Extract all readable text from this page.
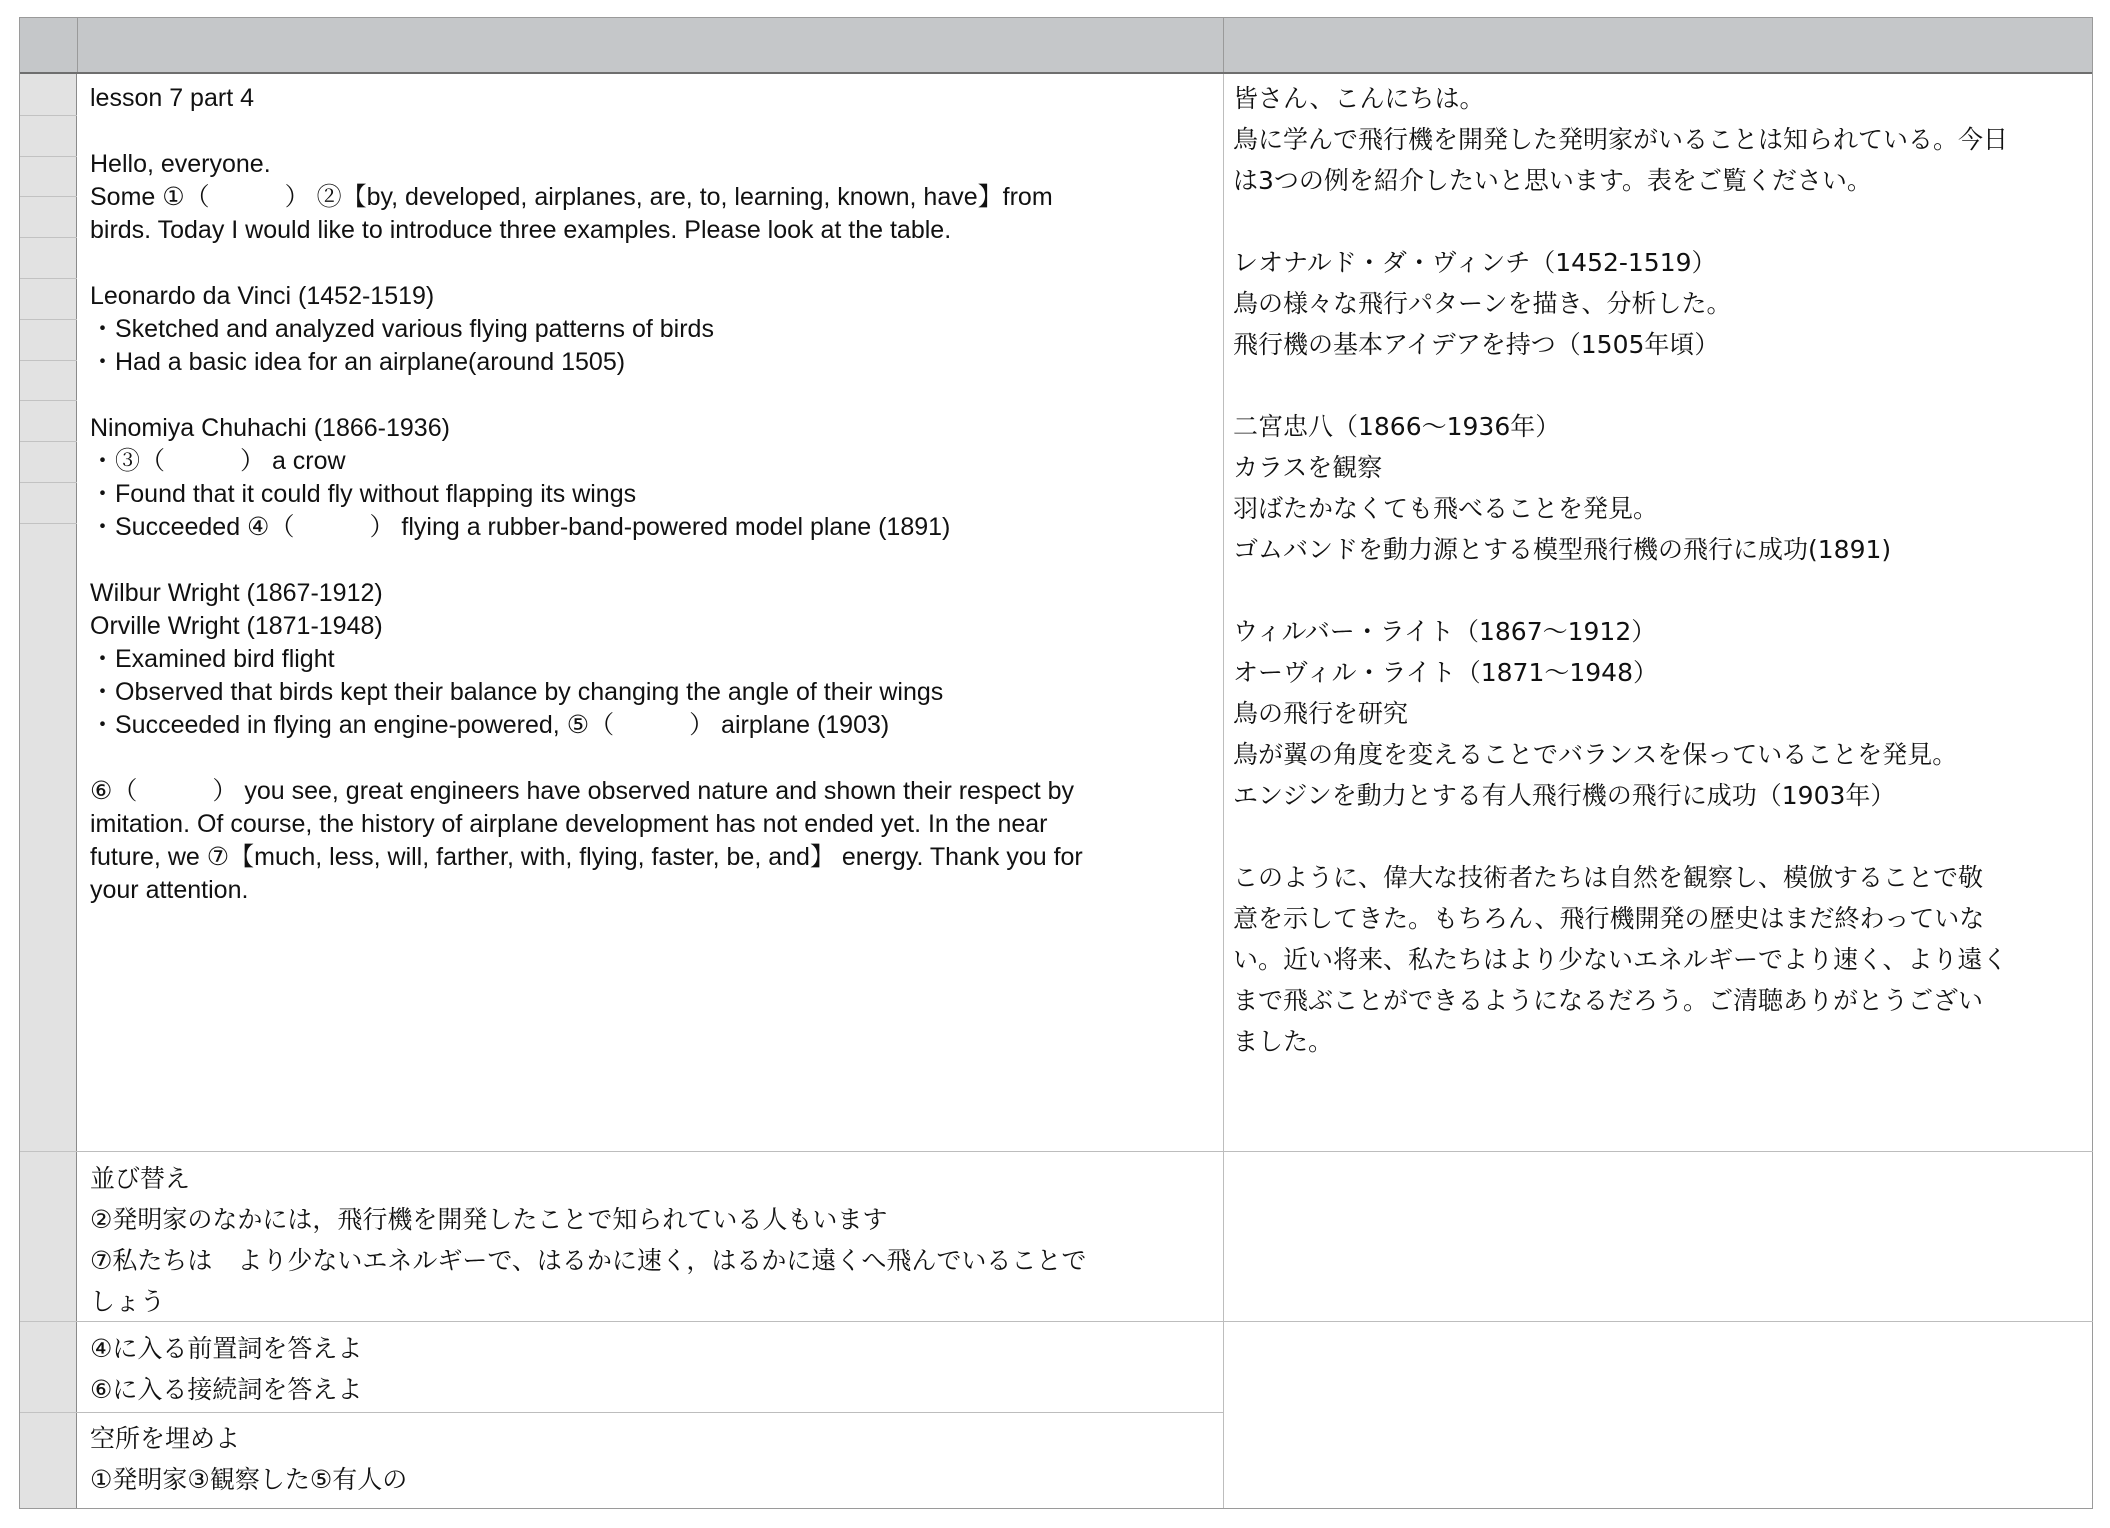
lesson 7 part 4

Hello, everyone.

Some ①（　　　） ②【by, developed, airplanes, are, to, learning, known, have】from

birds. Today I would like to introduce three examples. Please look at the table.

Leonardo da Vinci (1452-1519)

・Sketched and analyzed various flying patterns of birds

・Had a basic idea for an airplane(around 1505)

Ninomiya Chuhachi (1866-1936)

・③（　　　） a crow

・Found that it could fly without flapping its wings

・Succeeded ④（　　　） flying a rubber-band-powered model plane (1891)

Wilbur Wright (1867-1912)

Orville Wright (1871-1948)

・Examined bird flight

・Observed that birds kept their balance by changing the angle of their wings

・Succeeded in flying an engine-powered, ⑤（　　　） airplane (1903)

⑥（　　　） you see, great engineers have observed nature and shown their respect by

imitation. Of course, the history of airplane development has not ended yet. In the near

future, we ⑦【much, less, will, farther, with, flying, faster, be, and】 energy. Thank you for

your attention.

皆さん、こんにちは。

鳥に学んで飛行機を開発した発明家がいることは知られている。今日

は3つの例を紹介したいと思います。表をご覧ください。

レオナルド・ダ・ヴィンチ（1452-1519）

鳥の様々な飛行パターンを描き、分析した。

飛行機の基本アイデアを持つ（1505年頃）

二宮忠八（1866〜1936年）

カラスを観察

羽ばたかなくても飛べることを発見。

ゴムバンドを動力源とする模型飛行機の飛行に成功(1891)

ウィルバー・ライト（1867〜1912）

オーヴィル・ライト（1871〜1948）

鳥の飛行を研究

鳥が翼の角度を変えることでバランスを保っていることを発見。

エンジンを動力とする有人飛行機の飛行に成功（1903年）

このように、偉大な技術者たちは自然を観察し、模倣することで敬

意を示してきた。もちろん、飛行機開発の歴史はまだ終わっていな

い。近い将来、私たちはより少ないエネルギーでより速く、より遠く

まで飛ぶことができるようになるだろう。ご清聴ありがとうござい

ました。

並び替え

②発明家のなかには，飛行機を開発したことで知られている人もいます

⑦私たちは　より少ないエネルギーで、はるかに速く，はるかに遠くへ飛んでいることで

しょう

④に入る前置詞を答えよ

⑥に入る接続詞を答えよ

空所を埋めよ

①発明家③観察した⑤有人の
